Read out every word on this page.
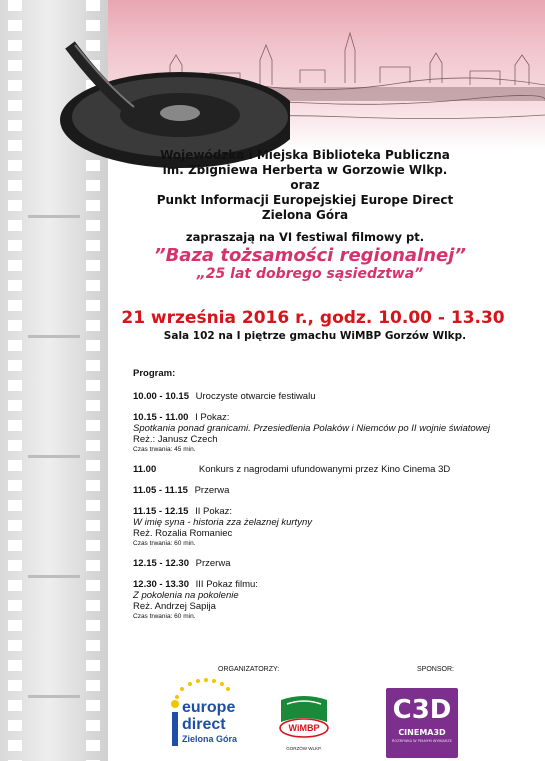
Wojewódzka i Miejska Biblioteka Publiczna
im. Zbigniewa Herberta w Gorzowie Wlkp.
oraz
Punkt Informacji Europejskiej Europe Direct
Zielona Góra
zapraszają na VI festiwal filmowy pt.
”Baza tożsamości regionalnej”
„25 lat dobrego sąsiedztwa”
21 września 2016 r., godz. 10.00 - 13.30
Sala 102 na I piętrze gmachu WiMBP Gorzów Wlkp.
Program:
10.00 - 10.15 Uroczyste otwarcie festiwalu
10.15 - 11.00 I Pokaz:
Spotkania ponad granicami. Przesiedlenia Polaków i Niemców po II wojnie światowej
Reż.: Janusz Czech
Czas trwania: 45 min.
11.00	Konkurs z nagrodami ufundowanymi przez Kino Cinema 3D
11.05 - 11.15 Przerwa
11.15 - 12.15 II Pokaz:
W imię syna - historia zza żelaznej kurtyny
Reż. Rozalia Romaniec
Czas trwania: 60 min.
12.15 - 12.30 Przerwa
12.30 - 13.30 III Pokaz filmu:
Z pokolenia na pokolenie
Reż. Andrzej Sapija
Czas trwania: 60 min.
ORGANIZATORZY:	SPONSOR:
europe
direct
Zielona Góra
WiMBP
GORZÓW WLKP.
C3D
CINEMA3D
ROZRYWKA W PEŁNYM WYMIARZE
